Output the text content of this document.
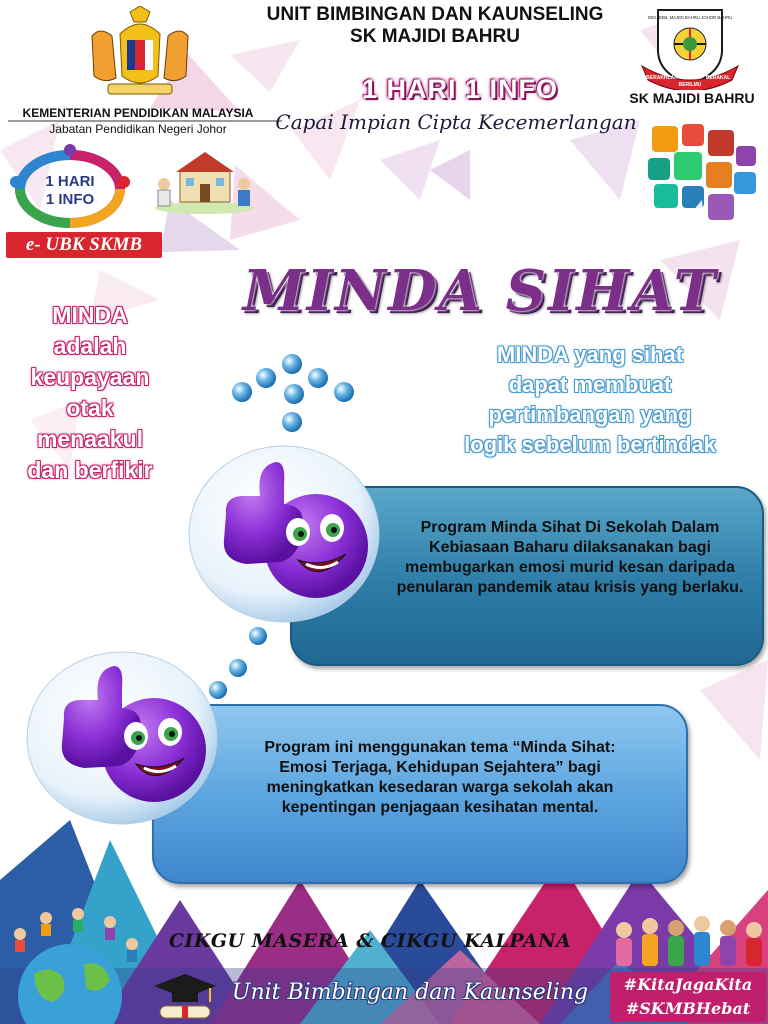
KEMENTERIAN PENDIDIKAN MALAYSIA
Jabatan Pendidikan Negeri Johor
UNIT BIMBINGAN DAN KAUNSELING
SK MAJIDI BAHRU
SEK. KEB. MAJIDI BAHRU JOHOR BAHRU
BERAKHLAK
BERILMU
BERAKAL
SK MAJIDI BAHRU
1 HARI 1 INFO
Capai Impian Cipta Kecemerlangan
1 HARI
1 INFO
e- UBK SKMB
MINDA SIHAT
MINDA
adalah
keupayaan
otak
menaakul
dan berfikir
MINDA yang sihat
dapat membuat
pertimbangan yang
logik sebelum bertindak
Program Minda Sihat Di Sekolah Dalam Kebiasaan Baharu dilaksanakan bagi membugarkan emosi murid kesan daripada penularan pandemik atau krisis yang berlaku.
Program ini menggunakan tema “Minda Sihat: Emosi Terjaga, Kehidupan Sejahtera” bagi meningkatkan kesedaran warga sekolah akan kepentingan penjagaan kesihatan mental.
CIKGU MASERA & CIKGU KALPANA
Unit Bimbingan dan Kaunseling	#KitaJagaKita
#SKMBHebat
